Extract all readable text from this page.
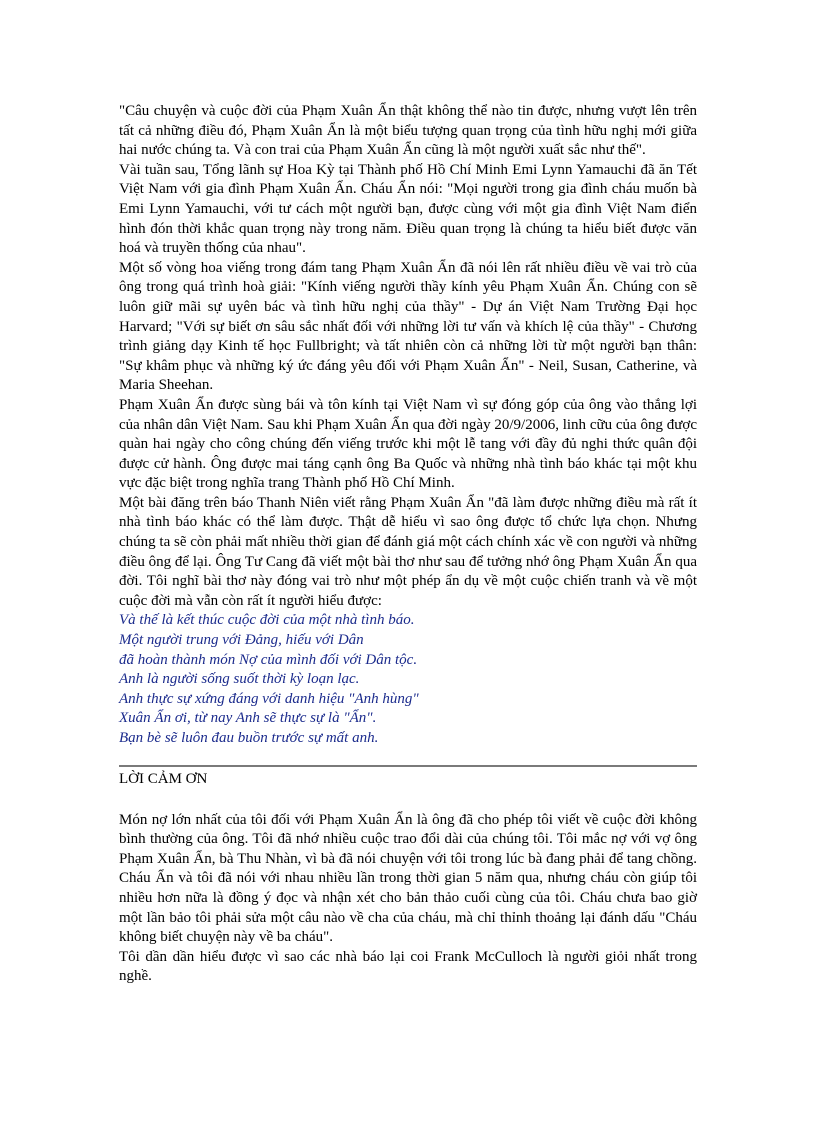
"Câu chuyện và cuộc đời của Phạm Xuân Ẩn thật không thể nào tin được, nhưng vượt lên trên tất cả những điều đó, Phạm Xuân Ẩn là một biểu tượng quan trọng của tình hữu nghị mới giữa hai nước chúng ta. Và con trai của Phạm Xuân Ẩn cũng là một người xuất sắc như thế".

Vài tuần sau, Tổng lãnh sự Hoa Kỳ tại Thành phố Hồ Chí Minh Emi Lynn Yamauchi đã ăn Tết Việt Nam với gia đình Phạm Xuân Ẩn. Cháu Ẩn nói: "Mọi người trong gia đình cháu muốn bà Emi Lynn Yamauchi, với tư cách một người bạn, được cùng với một gia đình Việt Nam điển hình đón thời khắc quan trọng này trong năm. Điều quan trọng là chúng ta hiểu biết được văn hoá và truyền thống của nhau".

Một số vòng hoa viếng trong đám tang Phạm Xuân Ẩn đã nói lên rất nhiều điều về vai trò của ông trong quá trình hoà giải: "Kính viếng người thầy kính yêu Phạm Xuân Ẩn. Chúng con sẽ luôn giữ mãi sự uyên bác và tình hữu nghị của thầy" - Dự án Việt Nam Trường Đại học Harvard; "Với sự biết ơn sâu sắc nhất đối với những lời tư vấn và khích lệ của thầy" - Chương trình giảng dạy Kinh tế học Fullbright; và tất nhiên còn cả những lời từ một người bạn thân: "Sự khâm phục và những ký ức đáng yêu đối với Phạm Xuân Ẩn" - Neil, Susan, Catherine, và Maria Sheehan.

Phạm Xuân Ẩn được sùng bái và tôn kính tại Việt Nam vì sự đóng góp của ông vào thắng lợi của nhân dân Việt Nam. Sau khi Phạm Xuân Ẩn qua đời ngày 20/9/2006, linh cữu của ông được quàn hai ngày cho công chúng đến viếng trước khi một lễ tang với đầy đủ nghi thức quân đội được cử hành. Ông được mai táng cạnh ông Ba Quốc và những nhà tình báo khác tại một khu vực đặc biệt trong nghĩa trang Thành phố Hồ Chí Minh.

Một bài đăng trên báo Thanh Niên viết rằng Phạm Xuân Ẩn "đã làm được những điều mà rất ít nhà tình báo khác có thể làm được. Thật dễ hiểu vì sao ông được tổ chức lựa chọn. Nhưng chúng ta sẽ còn phải mất nhiều thời gian để đánh giá một cách chính xác về con người và những điều ông để lại. Ông Tư Cang đã viết một bài thơ như sau để tưởng nhớ ông Phạm Xuân Ẩn qua đời. Tôi nghĩ bài thơ này đóng vai trò như một phép ẩn dụ về một cuộc chiến tranh và về một cuộc đời mà vẫn còn rất ít người hiểu được:

Và thế là kết thúc cuộc đời của một nhà tình báo.
Một người trung với Đảng, hiếu với Dân
đã hoàn thành món Nợ của mình đối với Dân tộc.
Anh là người sống suốt thời kỳ loạn lạc.
Anh thực sự xứng đáng với danh hiệu "Anh hùng"
Xuân Ẩn ơi, từ nay Anh sẽ thực sự là "Ẩn".
Bạn bè sẽ luôn đau buồn trước sự mất anh.
LỜI CẢM ƠN

Món nợ lớn nhất của tôi đối với Phạm Xuân Ẩn là ông đã cho phép tôi viết về cuộc đời không bình thường của ông. Tôi đã nhớ nhiều cuộc trao đổi dài của chúng tôi. Tôi mắc nợ với vợ ông Phạm Xuân Ẩn, bà Thu Nhàn, vì bà đã nói chuyện với tôi trong lúc bà đang phải để tang chồng. Cháu Ẩn và tôi đã nói với nhau nhiều lần trong thời gian 5 năm qua, nhưng cháu còn giúp tôi nhiều hơn nữa là đồng ý đọc và nhận xét cho bản thảo cuối cùng của tôi. Cháu chưa bao giờ một lần bảo tôi phải sửa một câu nào về cha của cháu, mà chỉ thỉnh thoảng lại đánh dấu "Cháu không biết chuyện này về ba cháu".

Tôi dần dần hiểu được vì sao các nhà báo lại coi Frank McCulloch là người giỏi nhất trong nghề.
